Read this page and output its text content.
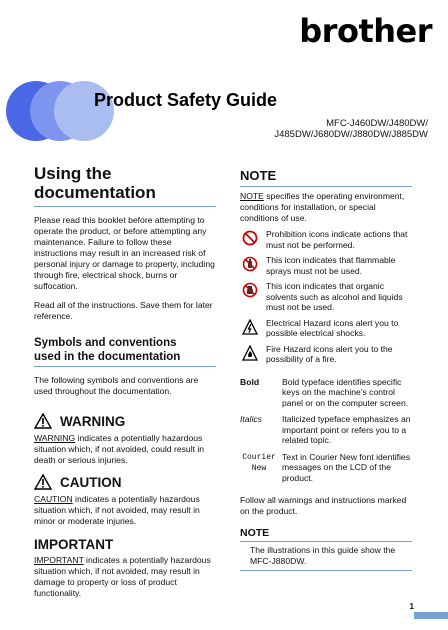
brother
Product Safety Guide
MFC-J460DW/J480DW/
J485DW/J680DW/J880DW/J885DW
Using the
documentation

Please read this booklet before attempting to operate the product, or before attempting any maintenance. Failure to follow these instructions may result in an increased risk of personal injury or damage to property, including through fire, electrical shock, burns or suffocation.

Read all of the instructions. Save them for later reference.

Symbols and conventions
used in the documentation

The following symbols and conventions are used throughout the documentation.

WARNING

WARNING indicates a potentially hazardous situation which, if not avoided, could result in death or serious injuries.

CAUTION

CAUTION indicates a potentially hazardous situation which, if not avoided, may result in minor or moderate injuries.

IMPORTANT

IMPORTANT indicates a potentially hazardous situation which, if not avoided, may result in damage to property or loss of product functionality.

NOTE

NOTE specifies the operating environment, conditions for installation, or special conditions of use.

Prohibition icons indicate actions that must not be performed.
This icon indicates that flammable sprays must not be used.
This icon indicates that organic solvents such as alcohol and liquids must not be used.
Electrical Hazard icons alert you to possible electrical shocks.
Fire Hazard icons alert you to the possibility of a fire.
Bold	Bold typeface identifies specific keys on the machine's control panel or on the computer screen.
Italics	Italicized typeface emphasizes an important point or refers you to a related topic.
Courier New
Text in Courier New font identifies messages on the LCD of the product.

Follow all warnings and instructions marked on the product.

NOTE
The illustrations in this guide show the MFC-J880DW.
1
